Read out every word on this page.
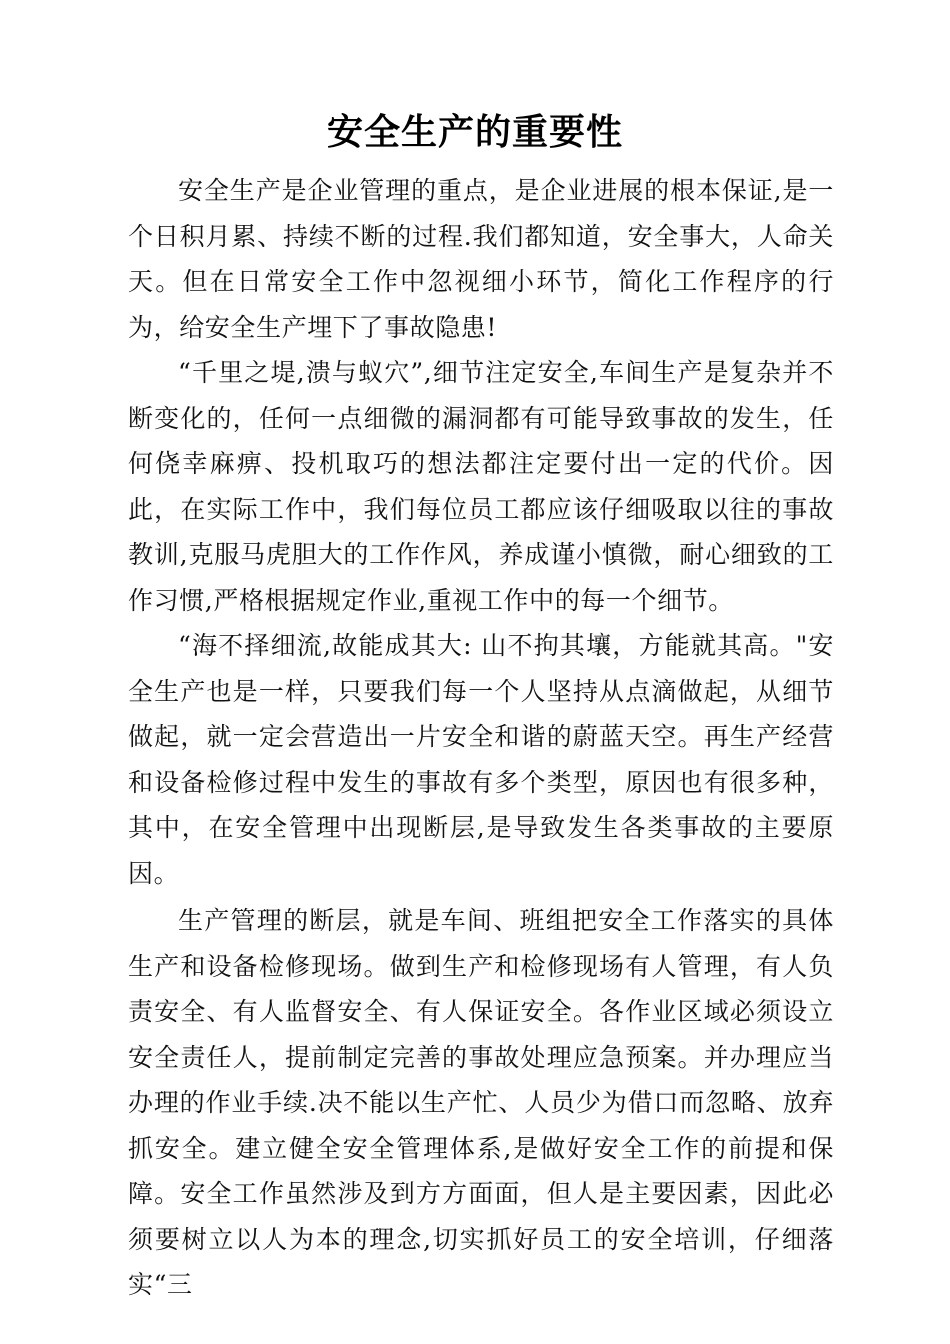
安全生产的重要性

安全生产是企业管理的重点，是企业进展的根本保证,是一个日积月累、持续不断的过程.我们都知道，安全事大，人命关天。但在日常安全工作中忽视细小环节，简化工作程序的行为，给安全生产埋下了事故隐患!

“千里之堤,溃与蚁穴”,细节注定安全,车间生产是复杂并不断变化的，任何一点细微的漏洞都有可能导致事故的发生，任何侥幸麻痹、投机取巧的想法都注定要付出一定的代价。因此，在实际工作中，我们每位员工都应该仔细吸取以往的事故教训,克服马虎胆大的工作作风，养成谨小慎微，耐心细致的工作习惯,严格根据规定作业,重视工作中的每一个细节。

“海不择细流,故能成其大: 山不拘其壤，方能就其高。"安全生产也是一样，只要我们每一个人坚持从点滴做起，从细节做起，就一定会营造出一片安全和谐的蔚蓝天空。再生产经营和设备检修过程中发生的事故有多个类型，原因也有很多种，其中，在安全管理中出现断层,是导致发生各类事故的主要原因。

生产管理的断层，就是车间、班组把安全工作落实的具体生产和设备检修现场。做到生产和检修现场有人管理，有人负责安全、有人监督安全、有人保证安全。各作业区域必须设立安全责任人，提前制定完善的事故处理应急预案。并办理应当办理的作业手续.决不能以生产忙、人员少为借口而忽略、放弃抓安全。建立健全安全管理体系,是做好安全工作的前提和保障。安全工作虽然涉及到方方面面，但人是主要因素，因此必须要树立以人为本的理念,切实抓好员工的安全培训，仔细落实“三
